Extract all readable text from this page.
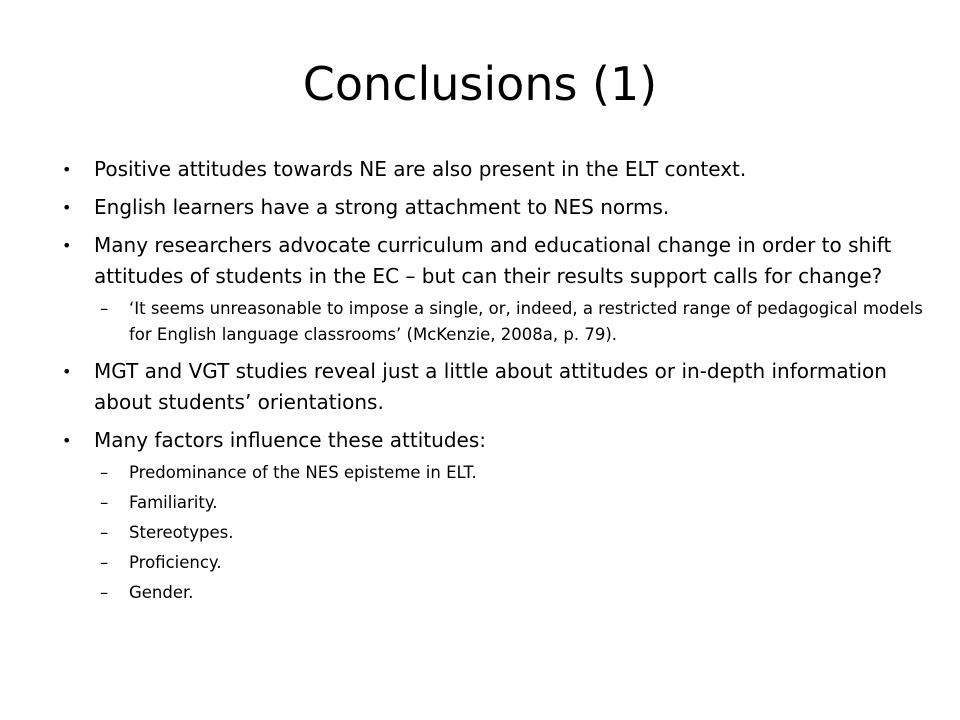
Conclusions (1)
•	Positive attitudes towards NE are also present in the ELT context.
•	English learners have a strong attachment to NES norms.
•	Many researchers advocate curriculum and educational change in order to shift attitudes of students in the EC – but can their results support calls for change?
–	‘It seems unreasonable to impose a single, or, indeed, a restricted range of pedagogical models for English language classrooms’ (McKenzie, 2008a, p. 79).
•	MGT and VGT studies reveal just a little about attitudes or in-depth information about students’ orientations.
•	Many factors influence these attitudes:
–	Predominance of the NES episteme in ELT.
–	Familiarity.
–	Stereotypes.
–	Proficiency.
–	Gender.
